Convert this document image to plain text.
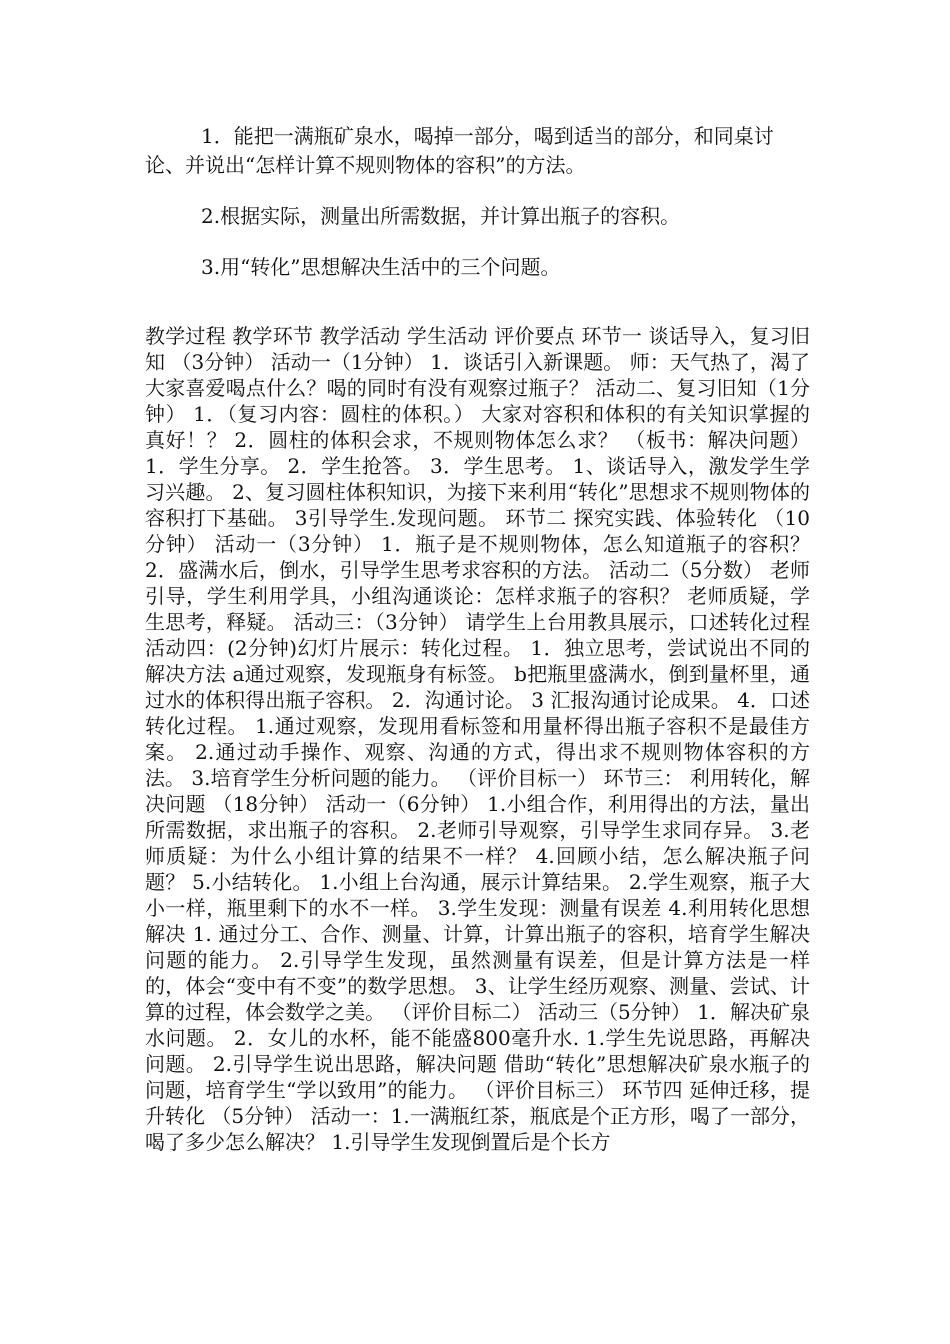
1．能把一满瓶矿泉水，喝掉一部分，喝到适当的部分，和同桌讨论、并说出“怎样计算不规则物体的容积”的方法。

2.根据实际，测量出所需数据，并计算出瓶子的容积。

3.用“转化”思想解决生活中的三个问题。

教学过程 教学环节 教学活动 学生活动 评价要点 环节一 谈话导入，复习旧知 （3分钟） 活动一（1分钟） 1．谈话引入新课题。 师：天气热了，渴了大家喜爱喝点什么？喝的同时有没有观察过瓶子？ 活动二、复习旧知（1分钟） 1．（复习内容：圆柱的体积。） 大家对容积和体积的有关知识掌握的真好！？ 2．圆柱的体积会求，不规则物体怎么求？ （板书：解决问题） 1．学生分享。 2．学生抢答。 3．学生思考。 1、谈话导入，激发学生学习兴趣。 2、复习圆柱体积知识，为接下来利用“转化”思想求不规则物体的容积打下基础。 3引导学生.发现问题。 环节二 探究实践、体验转化 （10分钟） 活动一（3分钟） 1．瓶子是不规则物体，怎么知道瓶子的容积？ 2．盛满水后，倒水，引导学生思考求容积的方法。 活动二（5分数） 老师引导，学生利用学具，小组沟通谈论：怎样求瓶子的容积？ 老师质疑，学生思考，释疑。 活动三：（3分钟） 请学生上台用教具展示，口述转化过程 活动四：(2分钟)幻灯片展示：转化过程。 1．独立思考，尝试说出不同的解决方法 a通过观察，发现瓶身有标签。 b把瓶里盛满水，倒到量杯里，通过水的体积得出瓶子容积。 2．沟通讨论。 3 汇报沟通讨论成果。 4．口述转化过程。 1.通过观察，发现用看标签和用量杯得出瓶子容积不是最佳方案。 2.通过动手操作、观察、沟通的方式，得出求不规则物体容积的方法。 3.培育学生分析问题的能力。 （评价目标一） 环节三： 利用转化，解决问题 （18分钟） 活动一（6分钟） 1.小组合作，利用得出的方法，量出所需数据，求出瓶子的容积。 2.老师引导观察，引导学生求同存异。 3.老师质疑：为什么小组计算的结果不一样？ 4.回顾小结，怎么解决瓶子问题？ 5.小结转化。 1.小组上台沟通，展示计算结果。 2.学生观察，瓶子大小一样，瓶里剩下的水不一样。 3.学生发现：测量有误差 4.利用转化思想解决 1. 通过分工、合作、测量、计算，计算出瓶子的容积，培育学生解决问题的能力。 2.引导学生发现，虽然测量有误差，但是计算方法是一样的，体会“变中有不变”的数学思想。 3、让学生经历观察、测量、尝试、计算的过程，体会数学之美。 （评价目标二） 活动三（5分钟） 1．解决矿泉水问题。 2．女儿的水杯，能不能盛800毫升水. 1.学生先说思路，再解决问题。 2.引导学生说出思路，解决问题 借助“转化”思想解决矿泉水瓶子的问题，培育学生“学以致用”的能力。 （评价目标三） 环节四 延伸迁移，提升转化 （5分钟） 活动一：1.一满瓶红茶，瓶底是个正方形，喝了一部分，喝了多少怎么解决？ 1.引导学生发现倒置后是个长方
